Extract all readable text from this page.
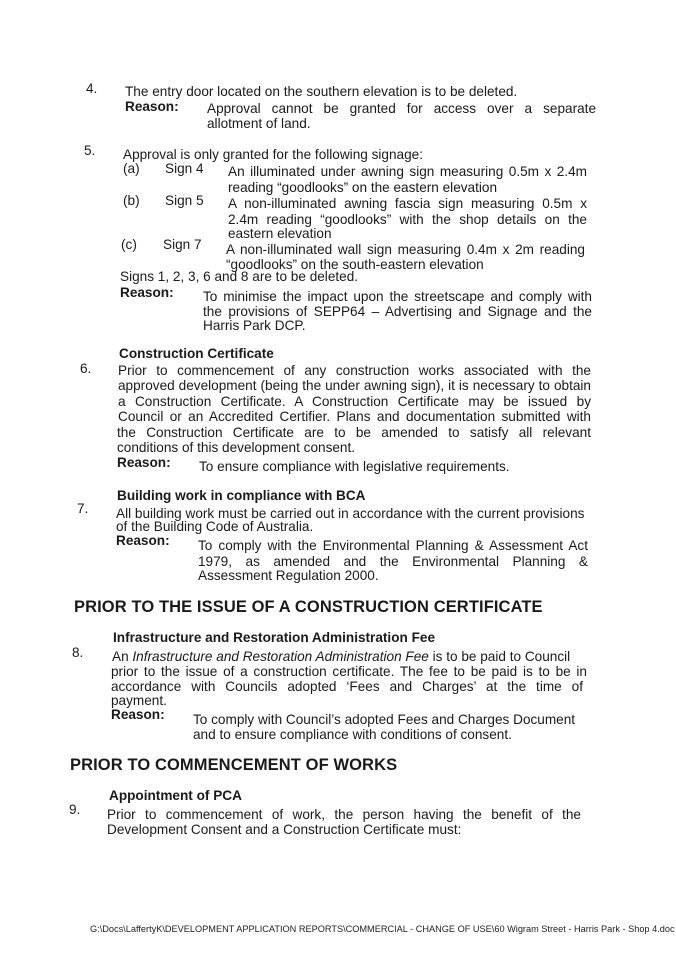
4. The entry door located on the southern elevation is to be deleted.
Reason: Approval cannot be granted for access over a separate
allotment of land.
5. Approval is only granted for the following signage:
(a) Sign 4 An illuminated under awning sign measuring 0.5m x 2.4m
reading “goodlooks” on the eastern elevation
(b) Sign 5 A non-illuminated awning fascia sign measuring 0.5m x
2.4m reading “goodlooks” with the shop details on the
eastern elevation
(c) Sign 7 A non-illuminated wall sign measuring 0.4m x 2m reading
“goodlooks” on the south-eastern elevation
Signs 1, 2, 3, 6 and 8 are to be deleted.
Reason: To minimise the impact upon the streetscape and comply with
the provisions of SEPP64 – Advertising and Signage and the
Harris Park DCP.
Construction Certificate
6. Prior to commencement of any construction works associated with the
approved development (being the under awning sign), it is necessary to obtain
a Construction Certificate. A Construction Certificate may be issued by
Council or an Accredited Certifier. Plans and documentation submitted with
the Construction Certificate are to be amended to satisfy all relevant
conditions of this development consent.
Reason: To ensure compliance with legislative requirements.
Building work in compliance with BCA
7. All building work must be carried out in accordance with the current provisions
of the Building Code of Australia.
Reason: To comply with the Environmental Planning & Assessment Act
1979, as amended and the Environmental Planning &
Assessment Regulation 2000.
PRIOR TO THE ISSUE OF A CONSTRUCTION CERTIFICATE
Infrastructure and Restoration Administration Fee
8. An Infrastructure and Restoration Administration Fee is to be paid to Council
prior to the issue of a construction certificate. The fee to be paid is to be in
accordance with Councils adopted ‘Fees and Charges’ at the time of
payment.
Reason: To comply with Council’s adopted Fees and Charges Document
and to ensure compliance with conditions of consent.
PRIOR TO COMMENCEMENT OF WORKS
Appointment of PCA
9. Prior to commencement of work, the person having the benefit of the
Development Consent and a Construction Certificate must:
G:\Docs\LaffertyK\DEVELOPMENT APPLICATION REPORTS\COMMERCIAL - CHANGE OF USE\60 Wigram Street - Harris Park - Shop 4.doc
